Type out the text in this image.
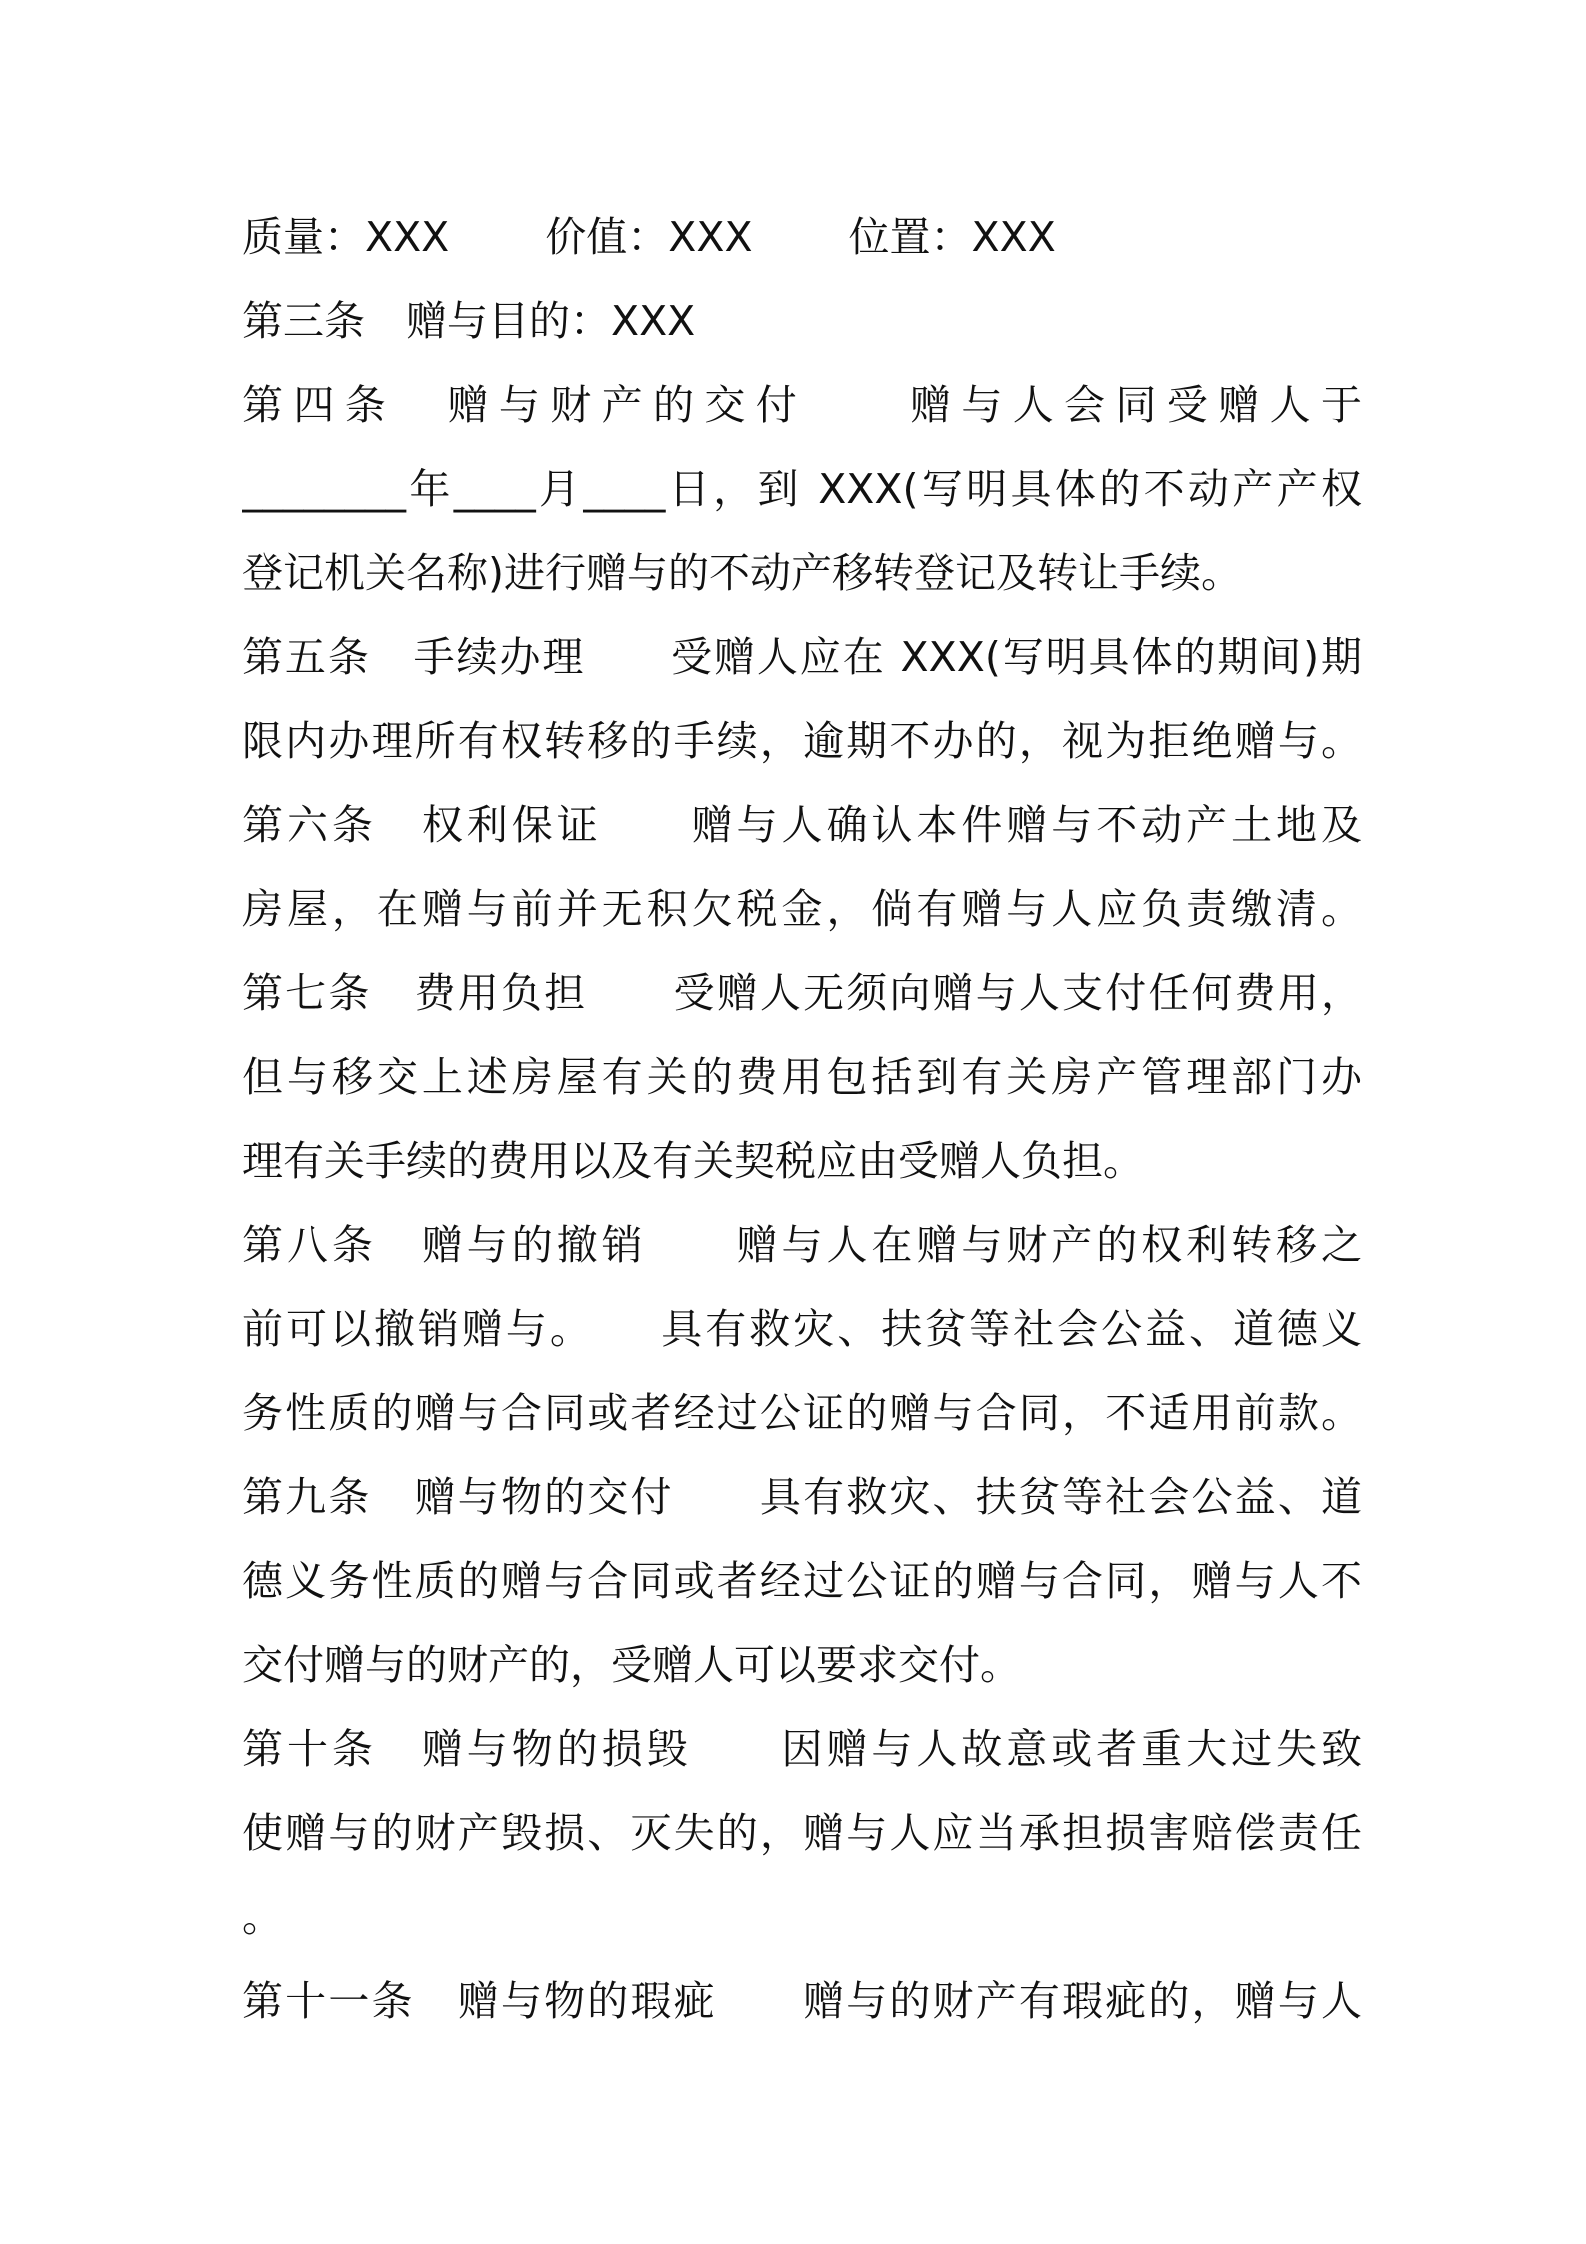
质量：XXX 价值：XXX 位置：XXX
第三条　赠与目的：XXX
第四条　赠与财产的交付　　赠与人会同受赠人于
________年____月____日，到 XXX(写明具体的不动产产权
登记机关名称)进行赠与的不动产移转登记及转让手续。
第五条　手续办理　　受赠人应在 XXX(写明具体的期间)期
限内办理所有权转移的手续，逾期不办的，视为拒绝赠与。
第六条　权利保证　　赠与人确认本件赠与不动产土地及
房屋，在赠与前并无积欠税金，倘有赠与人应负责缴清。
第七条　费用负担　　受赠人无须向赠与人支付任何费用，
但与移交上述房屋有关的费用包括到有关房产管理部门办
理有关手续的费用以及有关契税应由受赠人负担。
第八条　赠与的撤销　　赠与人在赠与财产的权利转移之
前可以撤销赠与。　　具有救灾、扶贫等社会公益、道德义
务性质的赠与合同或者经过公证的赠与合同，不适用前款。
第九条　赠与物的交付　　具有救灾、扶贫等社会公益、道
德义务性质的赠与合同或者经过公证的赠与合同，赠与人不
交付赠与的财产的，受赠人可以要求交付。
第十条　赠与物的损毁　　因赠与人故意或者重大过失致
使赠与的财产毁损、灭失的，赠与人应当承担损害赔偿责任
。
第十一条　赠与物的瑕疵　　赠与的财产有瑕疵的，赠与人
